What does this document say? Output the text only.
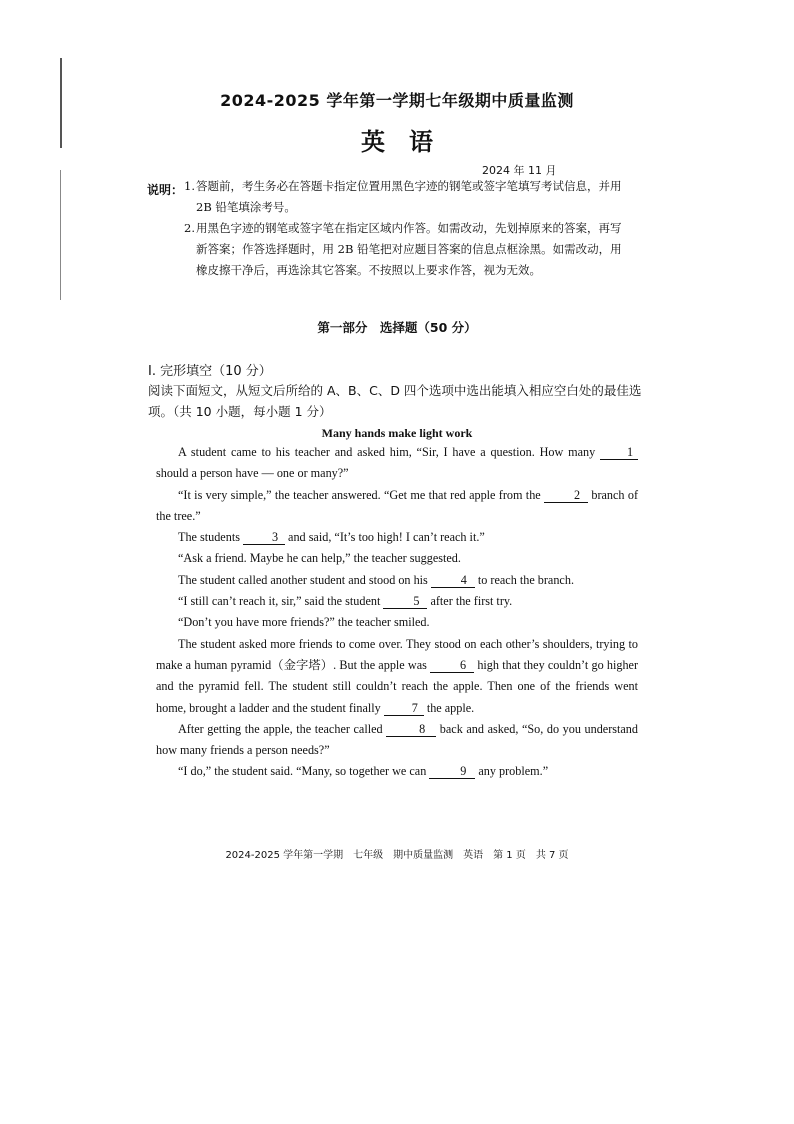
2024-2025 学年第一学期七年级期中质量监测
英　语
2024 年 11 月
说明： 1. 答题前，考生务必在答题卡指定位置用黑色字迹的钢笔或签字笔填写考试信息，并用 2B 铅笔填涂考号。
2. 用黑色字迹的钢笔或签字笔在指定区域内作答。如需改动，先划掉原来的答案，再写新答案；作答选择题时，用 2B 铅笔把对应题目答案的信息点框涂黑。如需改动，用橡皮擦干净后，再选涂其它答案。不按照以上要求作答，视为无效。
第一部分　选择题（50 分）
I. 完形填空（10 分）
阅读下面短文，从短文后所给的 A、B、C、D 四个选项中选出能填入相应空白处的最佳选项。（共 10 小题，每小题 1 分）
Many hands make light work

A student came to his teacher and asked him, “Sir, I have a question. How many	1 should a person have — one or many?”

“It is very simple,” the teacher answered. “Get me that red apple from the	2 branch of the tree.”

The students	3 and said, “It’s too high! I can’t reach it.”

“Ask a friend. Maybe he can help,” the teacher suggested.

The student called another student and stood on his	4 to reach the branch.

“I still can’t reach it, sir,” said the student	5 after the first try.

“Don’t you have more friends?” the teacher smiled.

The student asked more friends to come over. They stood on each other’s shoulders, trying to make a human pyramid（金字塔）. But the apple was	6 high that they couldn’t go higher and the pyramid fell. The student still couldn’t reach the apple. Then one of the friends went home, brought a ladder and the student finally	7 the apple.

After getting the apple, the teacher called	8 back and asked, “So, do you understand how many friends a person needs?”

“I do,” the student said. “Many, so together we can	9 any problem.”

2024-2025 学年第一学期　七年级　期中质量监测　英语　第 1 页　共 7 页
